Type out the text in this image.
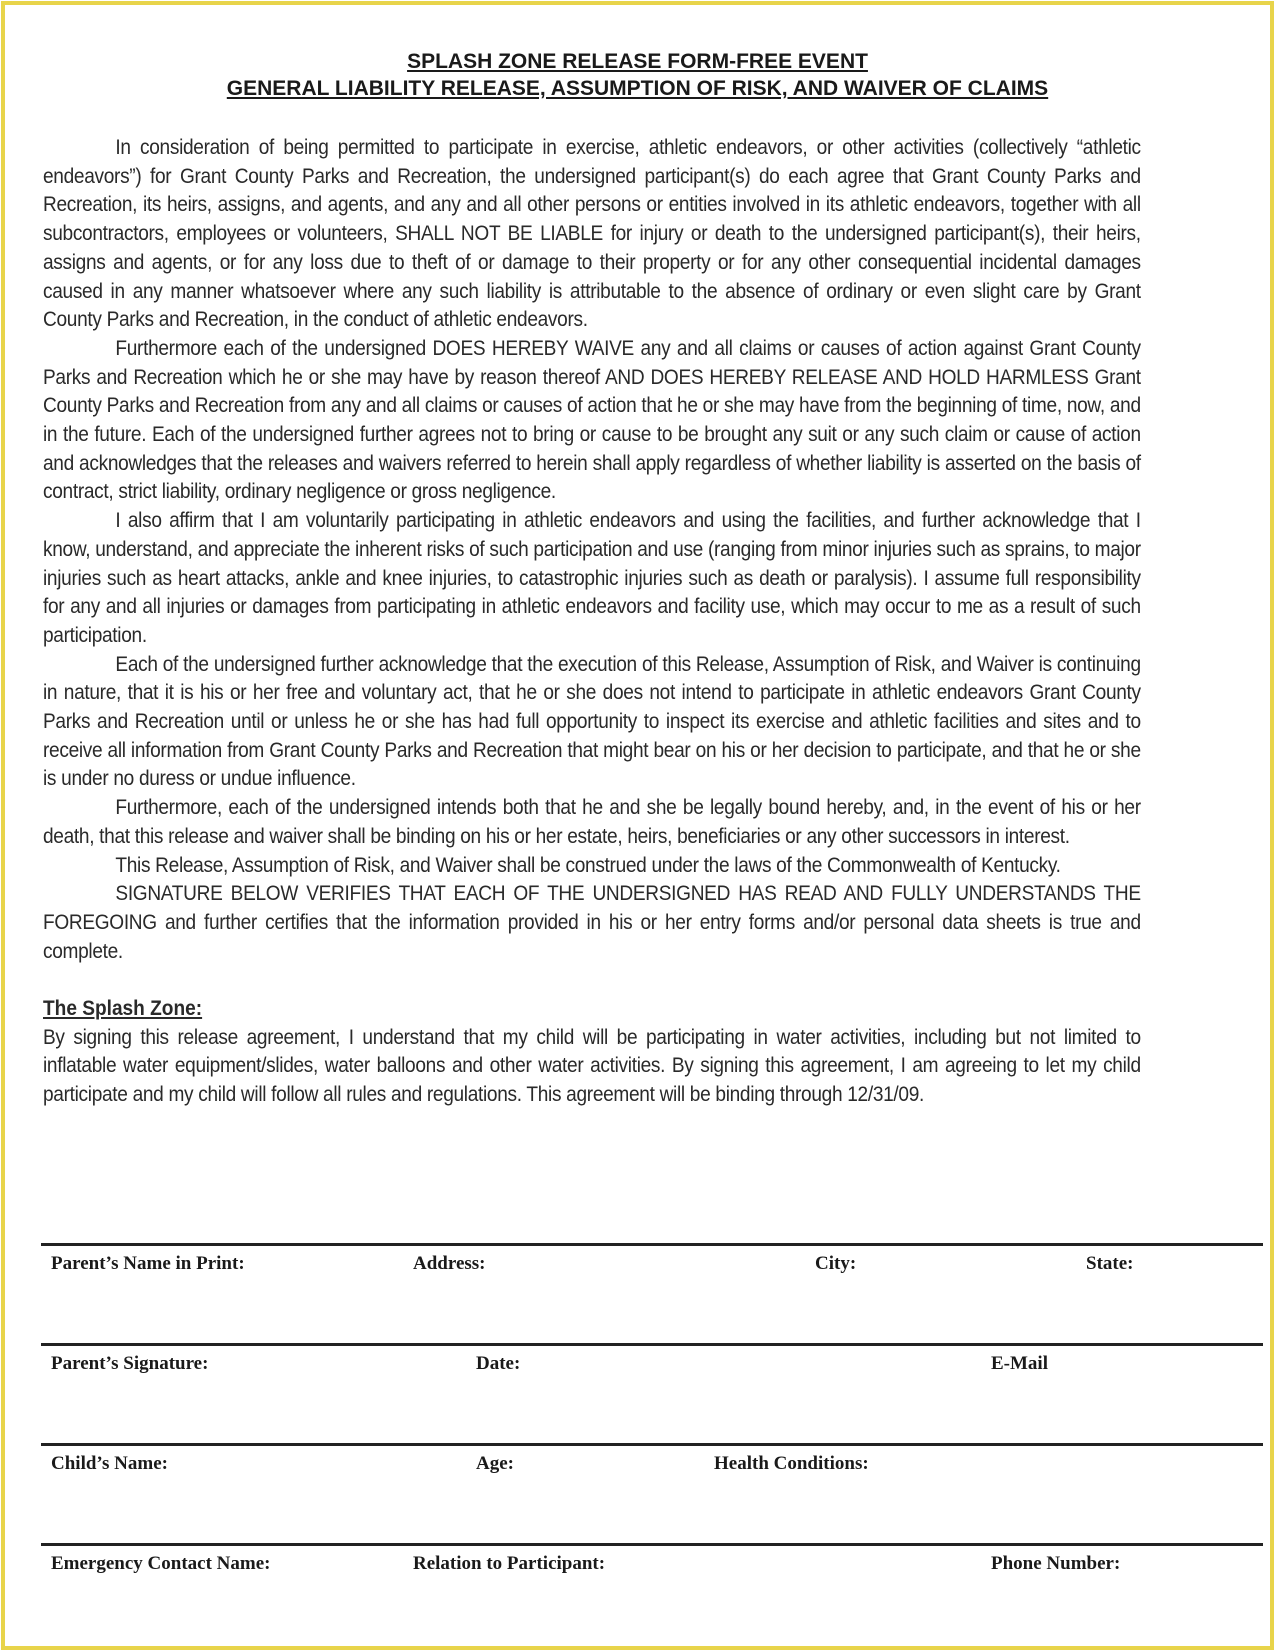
SPLASH ZONE RELEASE FORM-FREE EVENT
GENERAL LIABILITY RELEASE, ASSUMPTION OF RISK, AND WAIVER OF CLAIMS

In consideration of being permitted to participate in exercise, athletic endeavors, or other activities (collectively “athletic endeavors”) for Grant County Parks and Recreation, the undersigned participant(s) do each agree that Grant County Parks and Recreation, its heirs, assigns, and agents, and any and all other persons or entities involved in its athletic endeavors, together with all subcontractors, employees or volunteers, SHALL NOT BE LIABLE for injury or death to the undersigned participant(s), their heirs, assigns and agents, or for any loss due to theft of or damage to their property or for any other consequential incidental damages caused in any manner whatsoever where any such liability is attributable to the absence of ordinary or even slight care by Grant County Parks and Recreation, in the conduct of athletic endeavors.

Furthermore each of the undersigned DOES HEREBY WAIVE any and all claims or causes of action against Grant County Parks and Recreation which he or she may have by reason thereof AND DOES HEREBY RELEASE AND HOLD HARMLESS Grant County Parks and Recreation from any and all claims or causes of action that he or she may have from the beginning of time, now, and in the future. Each of the undersigned further agrees not to bring or cause to be brought any suit or any such claim or cause of action and acknowledges that the releases and waivers referred to herein shall apply regardless of whether liability is asserted on the basis of contract, strict liability, ordinary negligence or gross negligence.

I also affirm that I am voluntarily participating in athletic endeavors and using the facilities, and further acknowledge that I know, understand, and appreciate the inherent risks of such participation and use (ranging from minor injuries such as sprains, to major injuries such as heart attacks, ankle and knee injuries, to catastrophic injuries such as death or paralysis). I assume full responsibility for any and all injuries or damages from participating in athletic endeavors and facility use, which may occur to me as a result of such participation.

Each of the undersigned further acknowledge that the execution of this Release, Assumption of Risk, and Waiver is continuing in nature, that it is his or her free and voluntary act, that he or she does not intend to participate in athletic endeavors Grant County Parks and Recreation until or unless he or she has had full opportunity to inspect its exercise and athletic facilities and sites and to receive all information from Grant County Parks and Recreation that might bear on his or her decision to participate, and that he or she is under no duress or undue influence.

Furthermore, each of the undersigned intends both that he and she be legally bound hereby, and, in the event of his or her death, that this release and waiver shall be binding on his or her estate, heirs, beneficiaries or any other successors in interest.

This Release, Assumption of Risk, and Waiver shall be construed under the laws of the Commonwealth of Kentucky.

SIGNATURE BELOW VERIFIES THAT EACH OF THE UNDERSIGNED HAS READ AND FULLY UNDERSTANDS THE FOREGOING and further certifies that the information provided in his or her entry forms and/or personal data sheets is true and complete.

The Splash Zone:

By signing this release agreement, I understand that my child will be participating in water activities, including but not limited to inflatable water equipment/slides, water balloons and other water activities. By signing this agreement, I am agreeing to let my child participate and my child will follow all rules and regulations. This agreement will be binding through 12/31/09.

Parent’s Name in Print:	Address:	City:	State:
Parent’s Signature:	Date:	E-Mail
Child’s Name:	Age:	Health Conditions:
Emergency Contact Name:	Relation to Participant:	Phone Number:
